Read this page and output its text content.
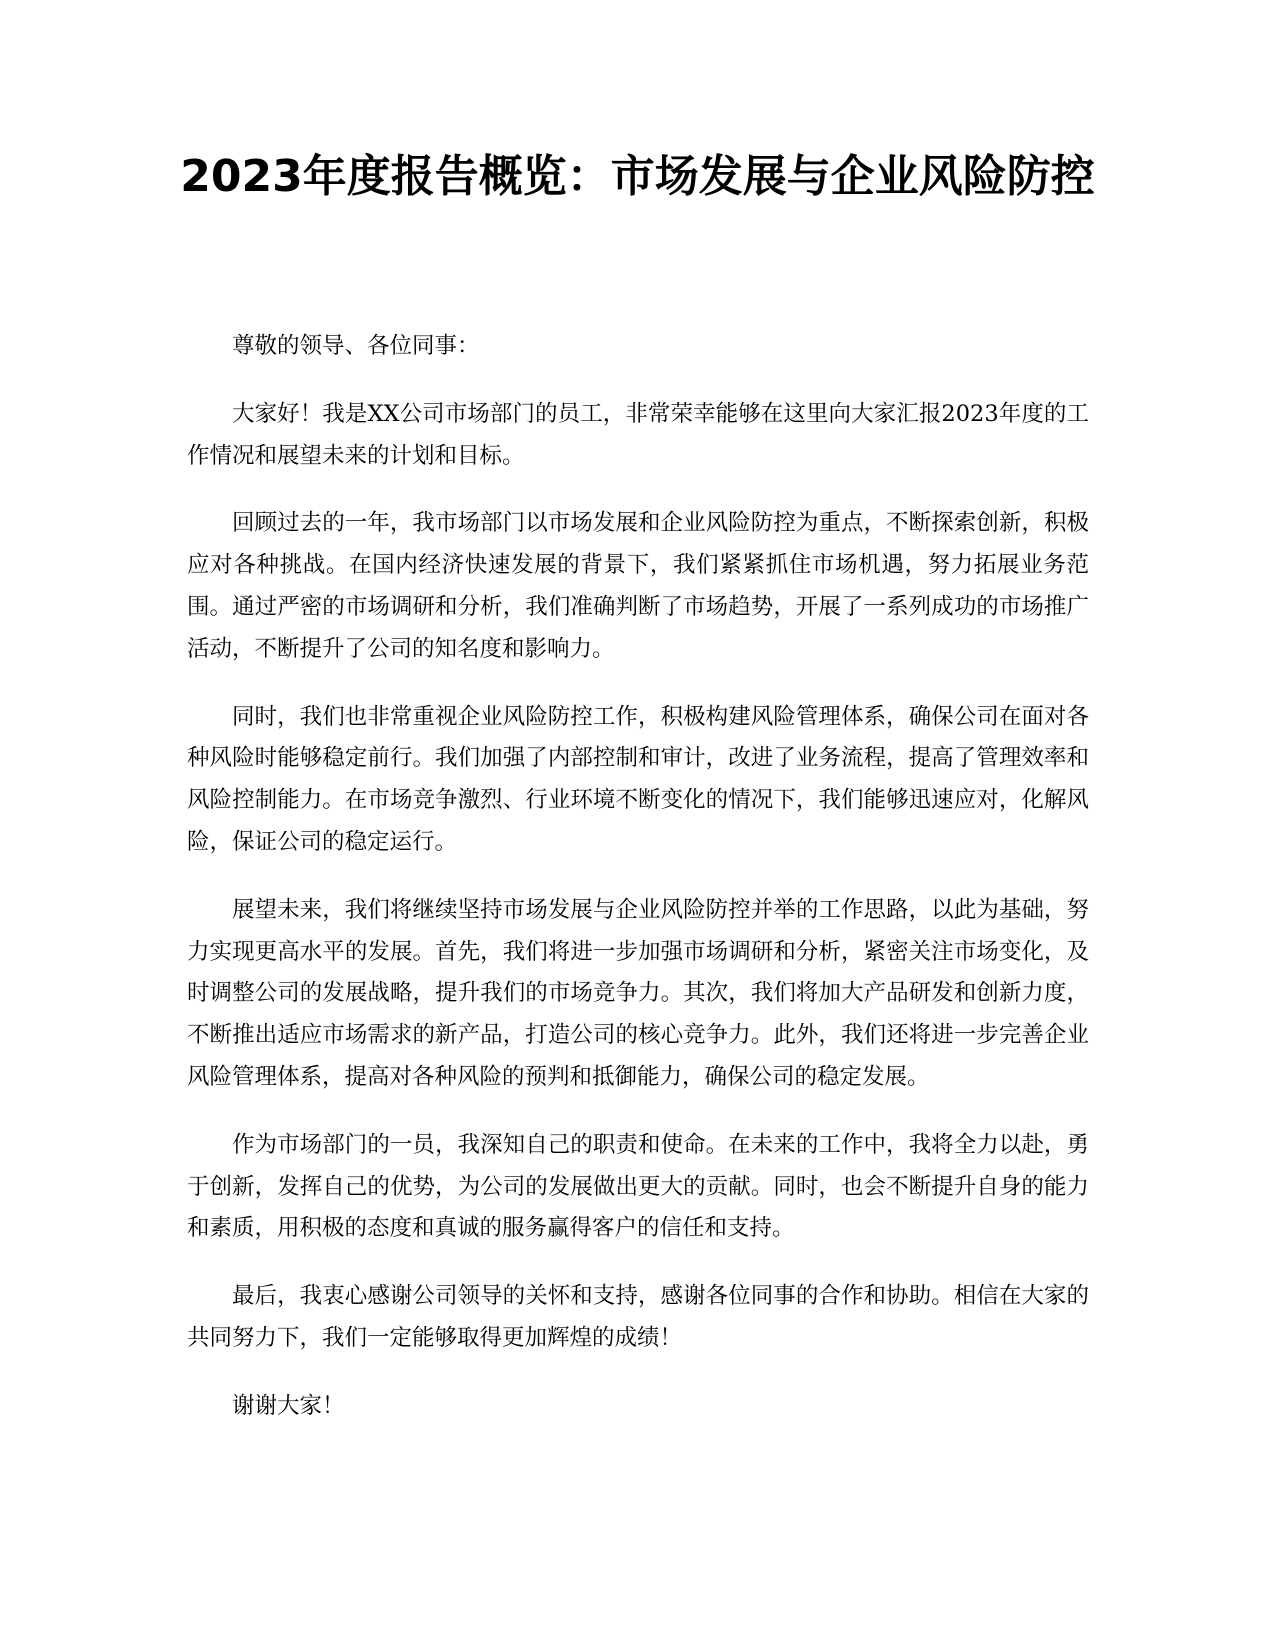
2023年度报告概览：市场发展与企业风险防控

尊敬的领导、各位同事：

大家好！我是XX公司市场部门的员工，非常荣幸能够在这里向大家汇报2023年度的工作情况和展望未来的计划和目标。

回顾过去的一年，我市场部门以市场发展和企业风险防控为重点，不断探索创新，积极应对各种挑战。在国内经济快速发展的背景下，我们紧紧抓住市场机遇，努力拓展业务范围。通过严密的市场调研和分析，我们准确判断了市场趋势，开展了一系列成功的市场推广活动，不断提升了公司的知名度和影响力。

同时，我们也非常重视企业风险防控工作，积极构建风险管理体系，确保公司在面对各种风险时能够稳定前行。我们加强了内部控制和审计，改进了业务流程，提高了管理效率和风险控制能力。在市场竞争激烈、行业环境不断变化的情况下，我们能够迅速应对，化解风险，保证公司的稳定运行。

展望未来，我们将继续坚持市场发展与企业风险防控并举的工作思路，以此为基础，努力实现更高水平的发展。首先，我们将进一步加强市场调研和分析，紧密关注市场变化，及时调整公司的发展战略，提升我们的市场竞争力。其次，我们将加大产品研发和创新力度，不断推出适应市场需求的新产品，打造公司的核心竞争力。此外，我们还将进一步完善企业风险管理体系，提高对各种风险的预判和抵御能力，确保公司的稳定发展。

作为市场部门的一员，我深知自己的职责和使命。在未来的工作中，我将全力以赴，勇于创新，发挥自己的优势，为公司的发展做出更大的贡献。同时，也会不断提升自身的能力和素质，用积极的态度和真诚的服务赢得客户的信任和支持。

最后，我衷心感谢公司领导的关怀和支持，感谢各位同事的合作和协助。相信在大家的共同努力下，我们一定能够取得更加辉煌的成绩！

谢谢大家！
